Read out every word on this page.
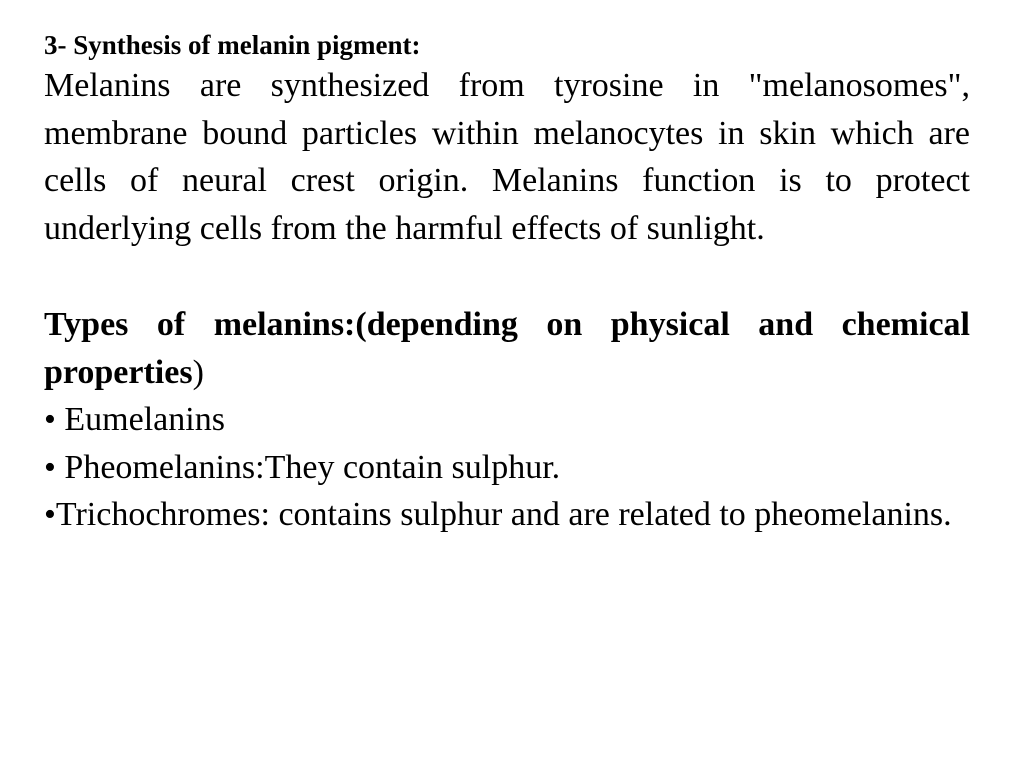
3- Synthesis of melanin pigment:

Melanins are synthesized from tyrosine in "melanosomes", membrane bound particles within melanocytes in skin which are cells of neural crest origin. Melanins function is to protect underlying cells from the harmful effects of sunlight.

Types of melanins:(depending on physical and chemical properties)

• Eumelanins
• Pheomelanins:They contain sulphur.
•Trichochromes: contains sulphur and are related to pheomelanins.
